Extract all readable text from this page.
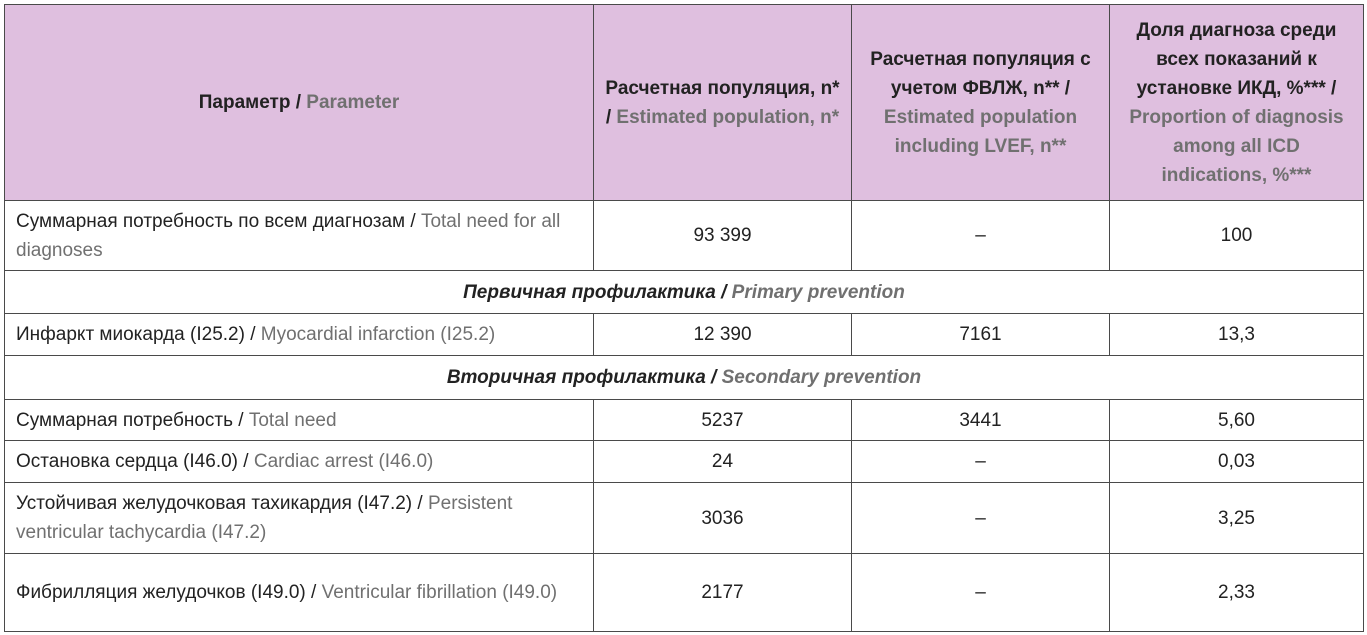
Параметр / Parameter	Расчетная популяция, n* / Estimated population, n*	Расчетная популяция с учетом ФВЛЖ, n** / Estimated population including LVEF, n**	Доля диагноза среди всех показаний к установке ИКД, %*** / Proportion of diagnosis among all ICD indications, %***
Суммарная потребность по всем диагнозам / Total need for all diagnoses	93 399	–	100
Первичная профилактика / Primary prevention			
Инфаркт миокарда (I25.2) / Myocardial infarction (I25.2)	12 390	7161	13,3
Вторичная профилактика / Secondary prevention			
Суммарная потребность / Total need	5237	3441	5,60
Остановка сердца (I46.0) / Cardiac arrest (I46.0)	24	–	0,03
Устойчивая желудочковая тахикардия (I47.2) / Persistent ventricular tachycardia (I47.2)	3036	–	3,25
Фибрилляция желудочков (I49.0) / Ventricular fibrillation (I49.0)	2177	–	2,33
